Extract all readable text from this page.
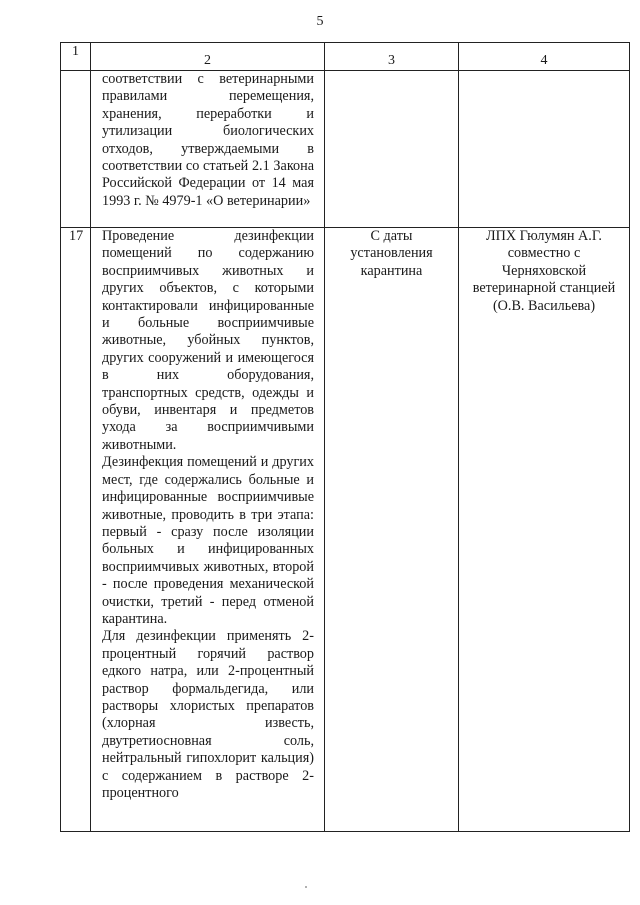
5
1	2	3	4

	соответствии с ветеринарными правилами перемещения, хранения, переработки и утилизации биологических отходов, утверждаемыми в соответствии со статьей 2.1 Закона Российской Федерации от 14 мая 1993 г. № 4979-1 «О ветеринарии»		

17	Проведение дезинфекции помещений по содержанию восприимчивых животных и других объектов, с которыми контактировали инфицированные и больные восприимчивые животные, убойных пунктов, других сооружений и имеющегося в них оборудования, транспортных средств, одежды и обуви, инвентаря и предметов ухода за восприимчивыми животными.

Дезинфекция помещений и других мест, где содержались больные и инфицированные восприимчивые животные, проводить в три этапа: первый - сразу после изоляции больных и инфицированных восприимчивых животных, второй - после проведения механической очистки, третий - перед отменой карантина.

Для дезинфекции применять 2-процентный горячий раствор едкого натра, или 2-процентный раствор формальдегида, или растворы хлористых препаратов (хлорная известь, двутретиосновная соль, нейтральный гипохлорит кальция) с содержанием в растворе 2-процентного	С даты установления карантина	ЛПХ Гюлумян А.Г. совместно с Черняховской ветеринарной станцией (О.В. Васильева)
